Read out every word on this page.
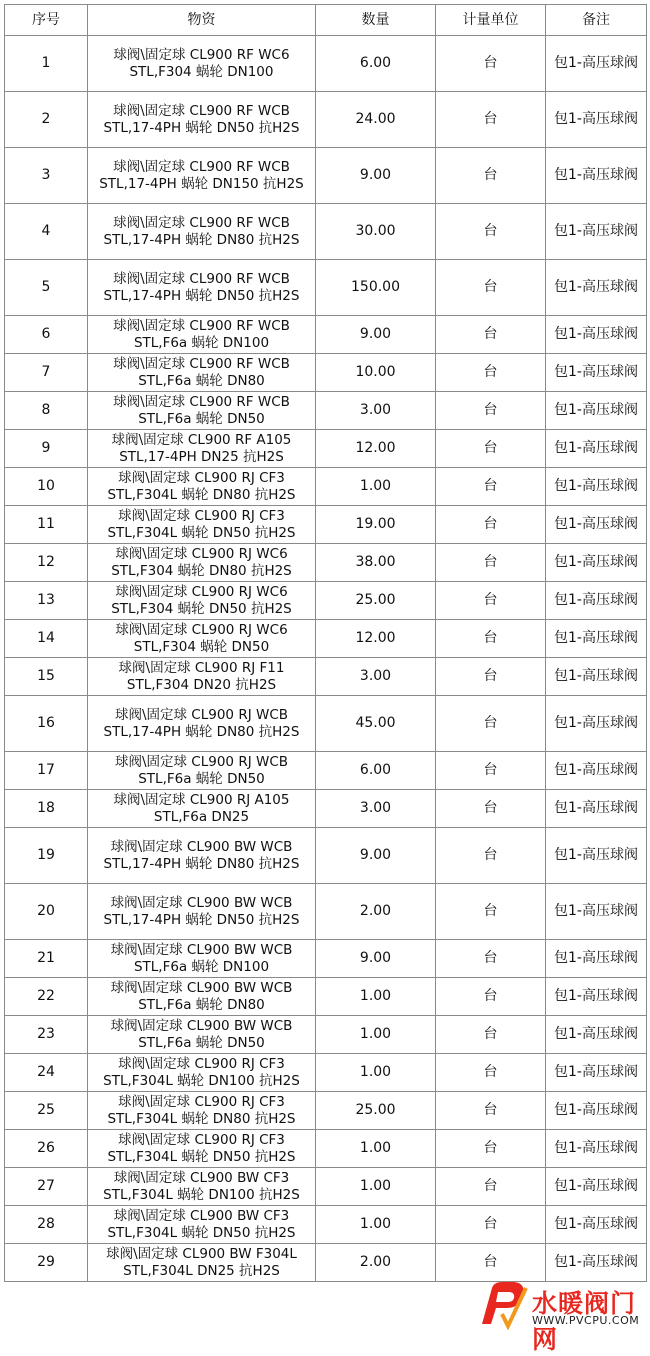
序号	物资	数量	计量单位	备注
1	球阀\固定球 CL900 RF WC6
STL,F304 蜗轮 DN100	6.00	台	包1-高压球阀
2	球阀\固定球 CL900 RF WCB
STL,17-4PH 蜗轮 DN50 抗H2S	24.00	台	包1-高压球阀
3	球阀\固定球 CL900 RF WCB
STL,17-4PH 蜗轮 DN150 抗H2S	9.00	台	包1-高压球阀
4	球阀\固定球 CL900 RF WCB
STL,17-4PH 蜗轮 DN80 抗H2S	30.00	台	包1-高压球阀
5	球阀\固定球 CL900 RF WCB
STL,17-4PH 蜗轮 DN50 抗H2S	150.00	台	包1-高压球阀
6	球阀\固定球 CL900 RF WCB
STL,F6a 蜗轮 DN100	9.00	台	包1-高压球阀
7	球阀\固定球 CL900 RF WCB
STL,F6a 蜗轮 DN80	10.00	台	包1-高压球阀
8	球阀\固定球 CL900 RF WCB
STL,F6a 蜗轮 DN50	3.00	台	包1-高压球阀
9	球阀\固定球 CL900 RF A105
STL,17-4PH DN25 抗H2S	12.00	台	包1-高压球阀
10	球阀\固定球 CL900 RJ CF3
STL,F304L 蜗轮 DN80 抗H2S	1.00	台	包1-高压球阀
11	球阀\固定球 CL900 RJ CF3
STL,F304L 蜗轮 DN50 抗H2S	19.00	台	包1-高压球阀
12	球阀\固定球 CL900 RJ WC6
STL,F304 蜗轮 DN80 抗H2S	38.00	台	包1-高压球阀
13	球阀\固定球 CL900 RJ WC6
STL,F304 蜗轮 DN50 抗H2S	25.00	台	包1-高压球阀
14	球阀\固定球 CL900 RJ WC6
STL,F304 蜗轮 DN50	12.00	台	包1-高压球阀
15	球阀\固定球 CL900 RJ F11
STL,F304 DN20 抗H2S	3.00	台	包1-高压球阀
16	球阀\固定球 CL900 RJ WCB
STL,17-4PH 蜗轮 DN80 抗H2S	45.00	台	包1-高压球阀
17	球阀\固定球 CL900 RJ WCB
STL,F6a 蜗轮 DN50	6.00	台	包1-高压球阀
18	球阀\固定球 CL900 RJ A105
STL,F6a DN25	3.00	台	包1-高压球阀
19	球阀\固定球 CL900 BW WCB
STL,17-4PH 蜗轮 DN80 抗H2S	9.00	台	包1-高压球阀
20	球阀\固定球 CL900 BW WCB
STL,17-4PH 蜗轮 DN50 抗H2S	2.00	台	包1-高压球阀
21	球阀\固定球 CL900 BW WCB
STL,F6a 蜗轮 DN100	9.00	台	包1-高压球阀
22	球阀\固定球 CL900 BW WCB
STL,F6a 蜗轮 DN80	1.00	台	包1-高压球阀
23	球阀\固定球 CL900 BW WCB
STL,F6a 蜗轮 DN50	1.00	台	包1-高压球阀
24	球阀\固定球 CL900 RJ CF3
STL,F304L 蜗轮 DN100 抗H2S	1.00	台	包1-高压球阀
25	球阀\固定球 CL900 RJ CF3
STL,F304L 蜗轮 DN80 抗H2S	25.00	台	包1-高压球阀
26	球阀\固定球 CL900 RJ CF3
STL,F304L 蜗轮 DN50 抗H2S	1.00	台	包1-高压球阀
27	球阀\固定球 CL900 BW CF3
STL,F304L 蜗轮 DN100 抗H2S	1.00	台	包1-高压球阀
28	球阀\固定球 CL900 BW CF3
STL,F304L 蜗轮 DN50 抗H2S	1.00	台	包1-高压球阀
29	球阀\固定球 CL900 BW F304L
STL,F304L DN25 抗H2S	2.00	台	包1-高压球阀
水暖阀门网
WWW.PVCPU.COM
